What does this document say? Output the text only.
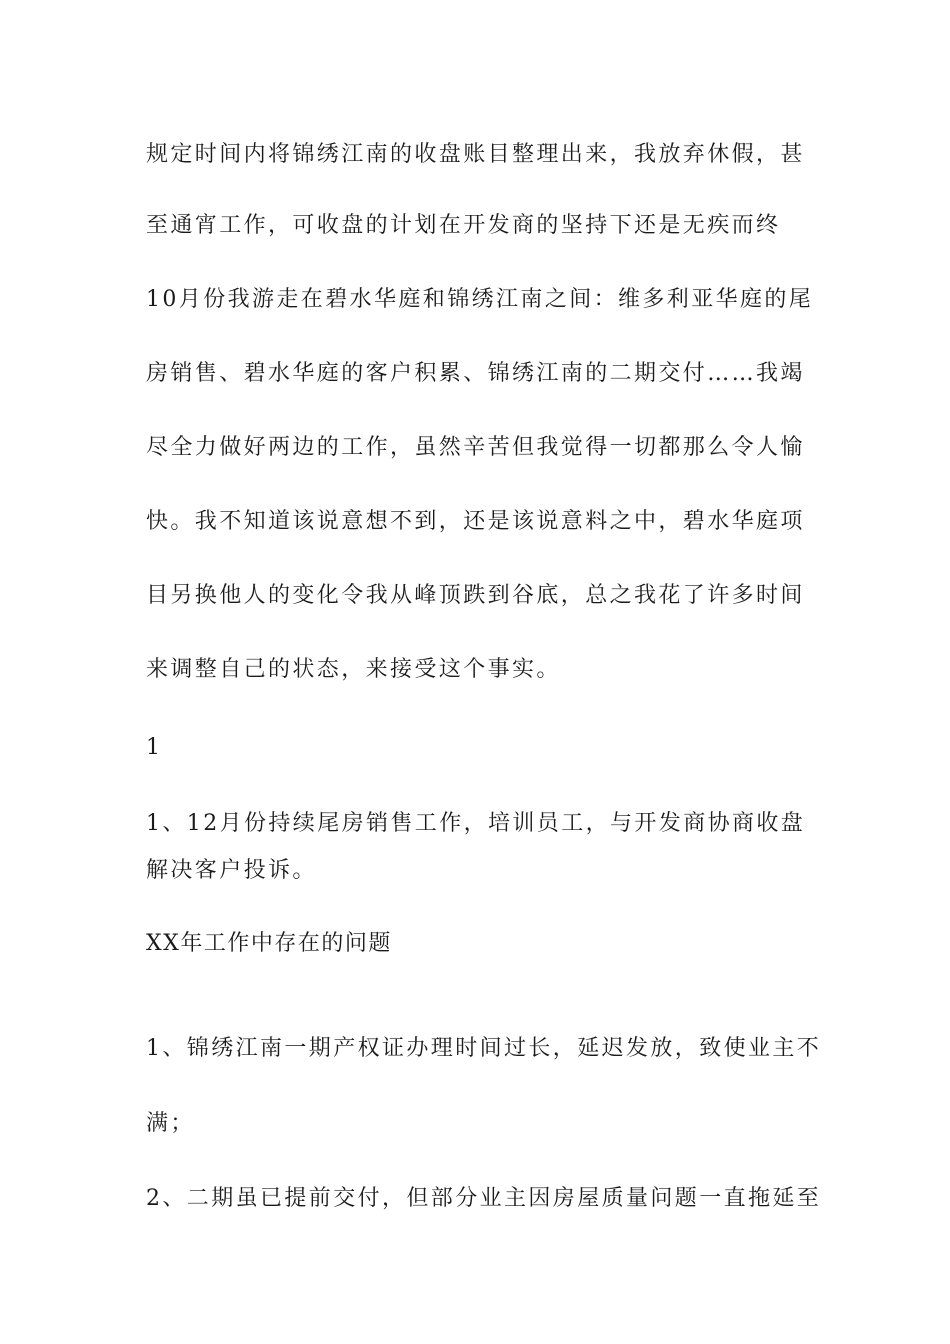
规定时间内将锦绣江南的收盘账目整理出来，我放弃休假，甚
至通宵工作，可收盘的计划在开发商的坚持下还是无疾而终
10月份我游走在碧水华庭和锦绣江南之间：维多利亚华庭的尾
房销售、碧水华庭的客户积累、锦绣江南的二期交付……我竭
尽全力做好两边的工作，虽然辛苦但我觉得一切都那么令人愉
快。我不知道该说意想不到，还是该说意料之中，碧水华庭项
目另换他人的变化令我从峰顶跌到谷底，总之我花了许多时间
来调整自己的状态，来接受这个事实。
1
1、12月份持续尾房销售工作，培训员工，与开发商协商收盘
解决客户投诉。
XX年工作中存在的问题
1、锦绣江南一期产权证办理时间过长，延迟发放，致使业主不
满；
2、二期虽已提前交付，但部分业主因房屋质量问题一直拖延至
